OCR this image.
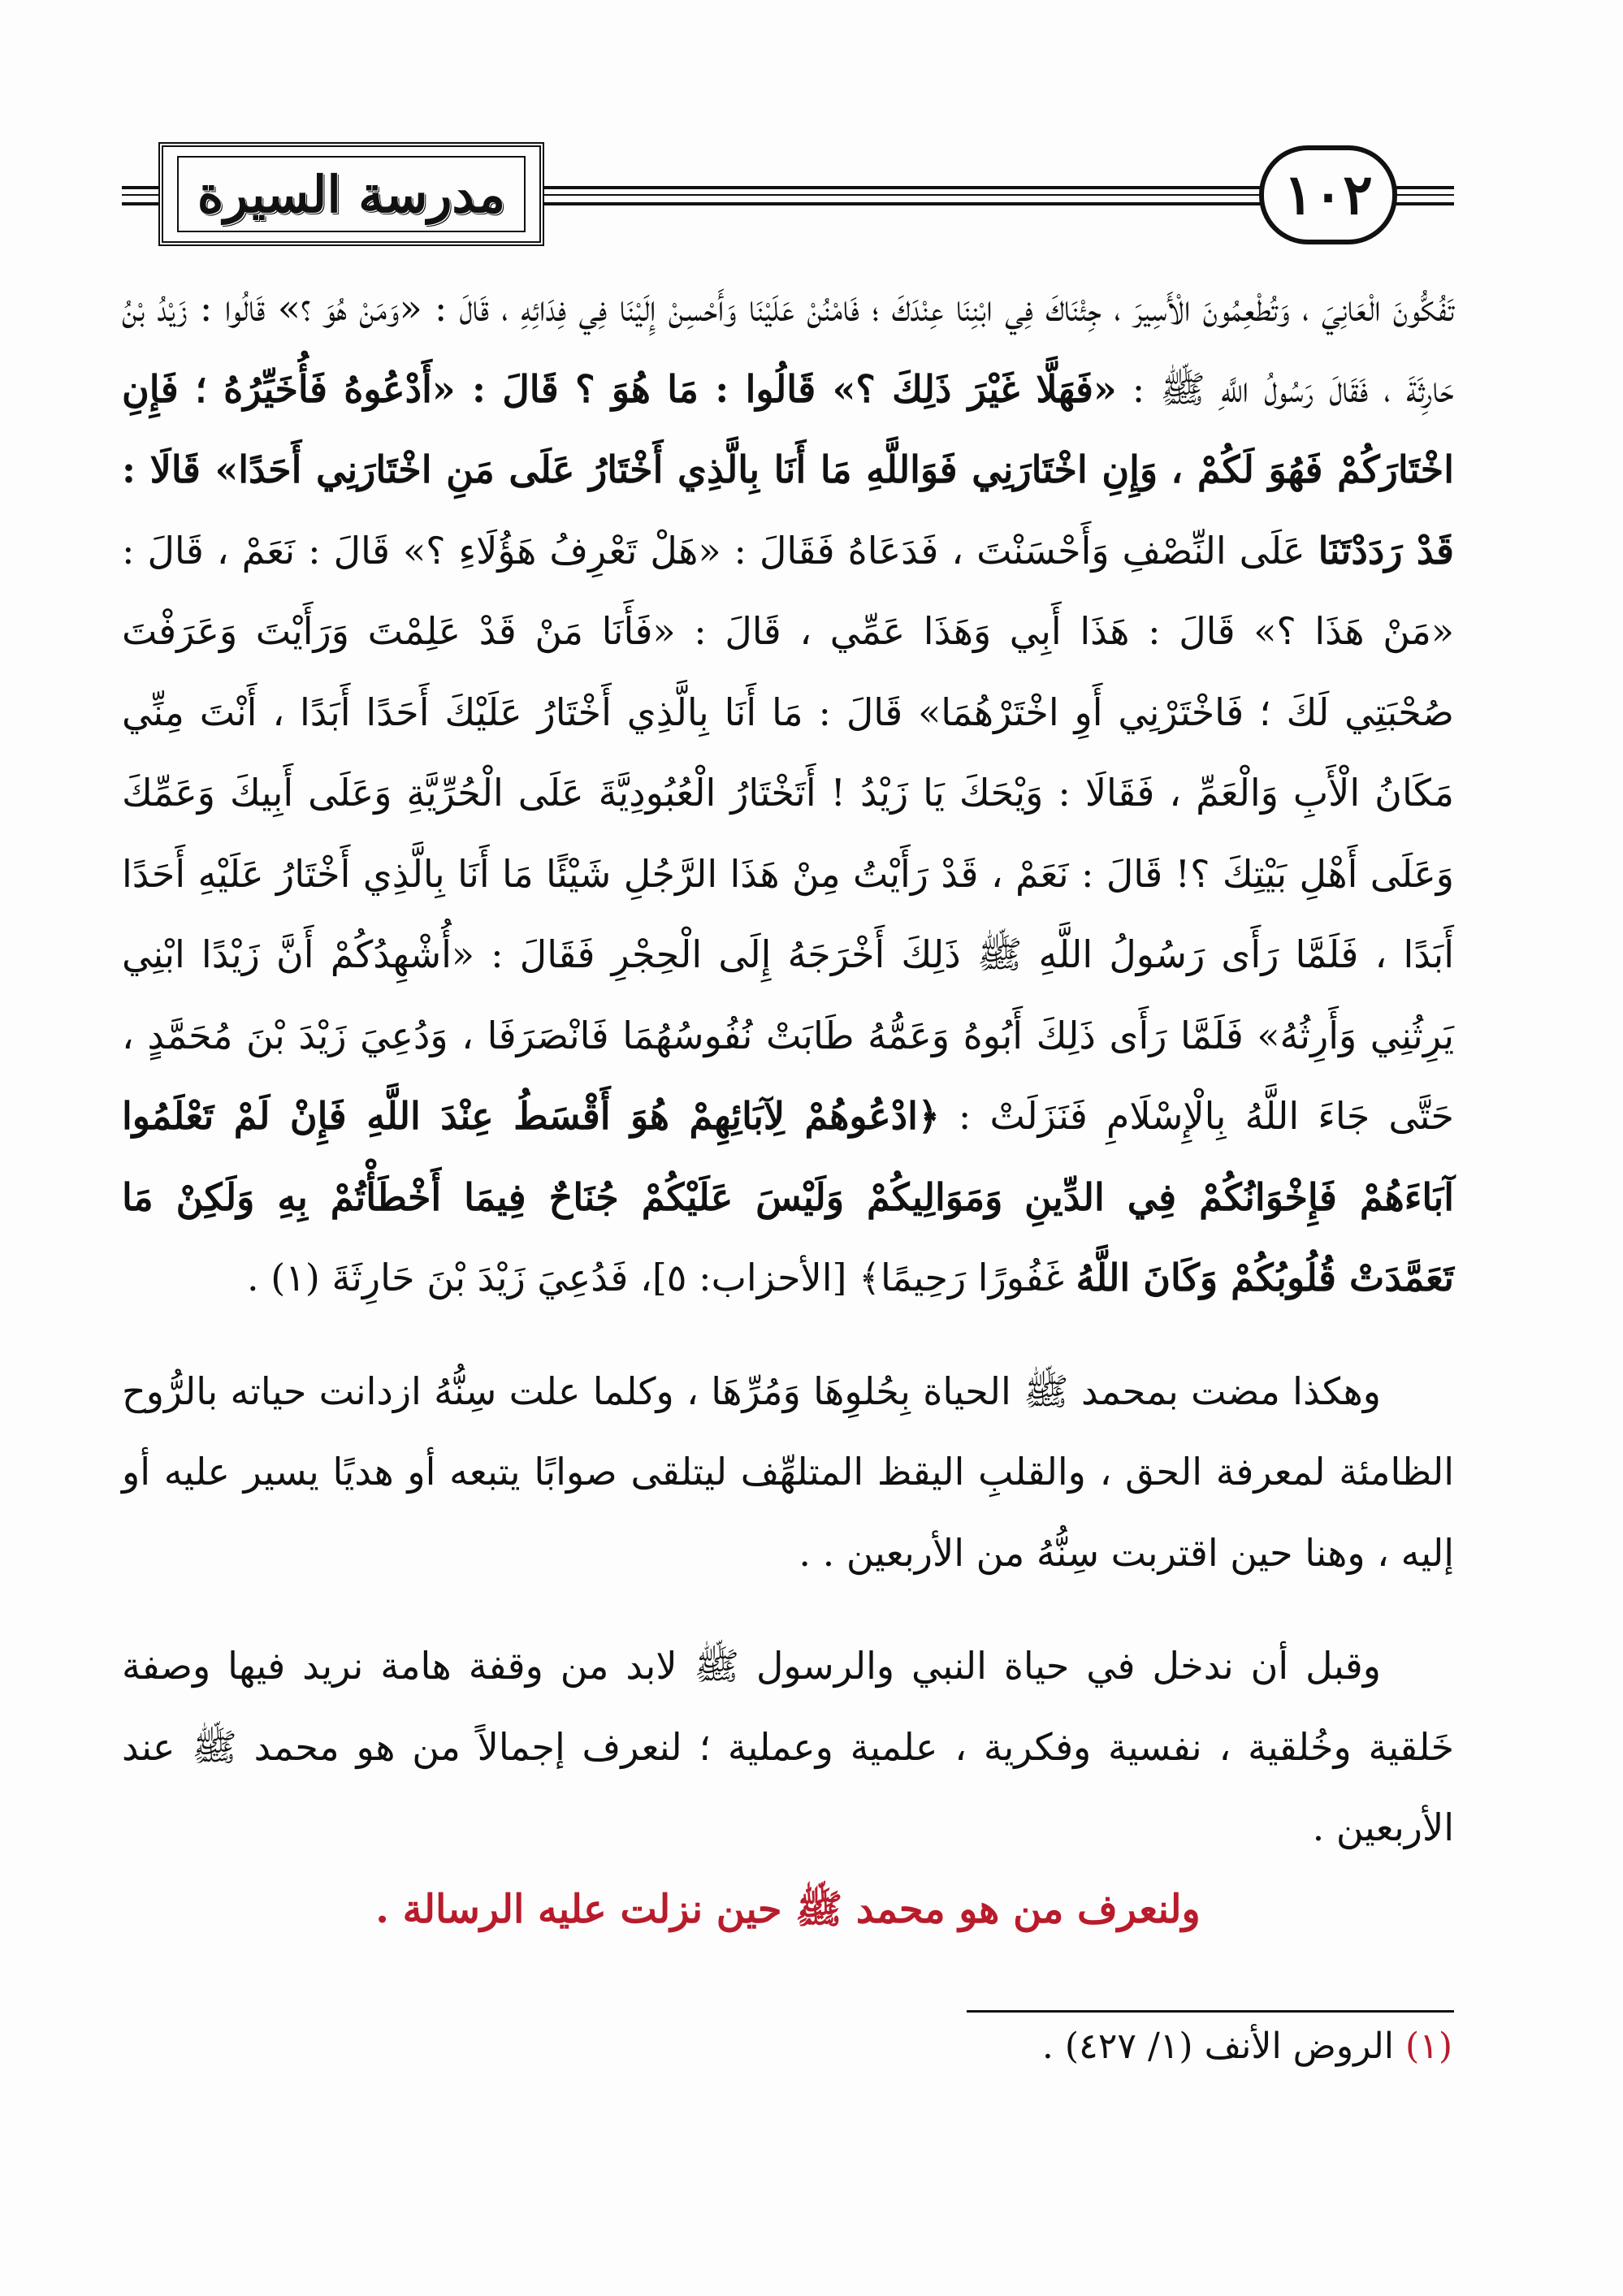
مدرسة السيرة	١٠٢

تَفُكُّونَ الْعَانِيَ ، وَتُطْعِمُونَ الْأَسِيرَ ، جِئْنَاكَ فِي ابْنِنَا عِنْدَكَ ؛ فَامْنُنْ عَلَيْنَا وَأَحْسِنْ إِلَيْنَا فِي فِدَائِهِ ، قَالَ : «وَمَنْ هُوَ ؟» قَالُوا : زَيْدُ بْنُ حَارِثَةَ ، فَقَالَ رَسُولُ اللَّهِ ﷺ : «فَهَلَّا غَيْرَ ذَلِكَ ؟» قَالُوا : مَا هُوَ ؟ قَالَ : «أَدْعُوهُ فَأُخَيِّرُهُ ؛ فَإِنِ اخْتَارَكُمْ فَهُوَ لَكُمْ ، وَإِنِ اخْتَارَنِي فَوَاللَّهِ مَا أَنَا بِالَّذِي أَخْتَارُ عَلَى مَنِ اخْتَارَنِي أَحَدًا» قَالَا : قَدْ رَدَدْتَنَا عَلَى النِّصْفِ وَأَحْسَنْتَ ، فَدَعَاهُ فَقَالَ : «هَلْ تَعْرِفُ هَؤُلَاءِ ؟» قَالَ : نَعَمْ ، قَالَ : «مَنْ هَذَا ؟» قَالَ : هَذَا أَبِي وَهَذَا عَمِّي ، قَالَ : «فَأَنَا مَنْ قَدْ عَلِمْتَ وَرَأَيْتَ وَعَرَفْتَ صُحْبَتِي لَكَ ؛ فَاخْتَرْنِي أَوِ اخْتَرْهُمَا» قَالَ : مَا أَنَا بِالَّذِي أَخْتَارُ عَلَيْكَ أَحَدًا أَبَدًا ، أَنْتَ مِنِّي مَكَانُ الْأَبِ وَالْعَمِّ ، فَقَالَا : وَيْحَكَ يَا زَيْدُ ! أَتَخْتَارُ الْعُبُودِيَّةَ عَلَى الْحُرِّيَّةِ وَعَلَى أَبِيكَ وَعَمِّكَ وَعَلَى أَهْلِ بَيْتِكَ ؟! قَالَ : نَعَمْ ، قَدْ رَأَيْتُ مِنْ هَذَا الرَّجُلِ شَيْئًا مَا أَنَا بِالَّذِي أَخْتَارُ عَلَيْهِ أَحَدًا أَبَدًا ، فَلَمَّا رَأَى رَسُولُ اللَّهِ ﷺ ذَلِكَ أَخْرَجَهُ إِلَى الْحِجْرِ فَقَالَ : «أُشْهِدُكُمْ أَنَّ زَيْدًا ابْنِي يَرِثُنِي وَأَرِثُهُ» فَلَمَّا رَأَى ذَلِكَ أَبُوهُ وَعَمُّهُ طَابَتْ نُفُوسُهُمَا فَانْصَرَفَا ، وَدُعِيَ زَيْدَ بْنَ مُحَمَّدٍ ، حَتَّى جَاءَ اللَّهُ بِالْإِسْلَامِ فَنَزَلَتْ : ﴿ادْعُوهُمْ لِآبَائِهِمْ هُوَ أَقْسَطُ عِنْدَ اللَّهِ فَإِنْ لَمْ تَعْلَمُوا آبَاءَهُمْ فَإِخْوَانُكُمْ فِي الدِّينِ وَمَوَالِيكُمْ وَلَيْسَ عَلَيْكُمْ جُنَاحٌ فِيمَا أَخْطَأْتُمْ بِهِ وَلَكِنْ مَا تَعَمَّدَتْ قُلُوبُكُمْ وَكَانَ اللَّهُ غَفُورًا رَحِيمًا﴾ [الأحزاب: ٥]، فَدُعِيَ زَيْدَ بْنَ حَارِثَةَ (١) .

وهكذا مضت بمحمد ﷺ الحياة بِحُلوِهَا وَمُرِّهَا ، وكلما علت سِنُّهُ ازدانت حياته بالرُّوح الظامئة لمعرفة الحق ، والقلبِ اليقظ المتلهِّف ليتلقى صوابًا يتبعه أو هديًا يسير عليه أو إليه ، وهنا حين اقتربت سِنُّهُ من الأربعين . .

وقبل أن ندخل في حياة النبي والرسول ﷺ لابد من وقفة هامة نريد فيها وصفة خَلقية وخُلقية ، نفسية وفكرية ، علمية وعملية ؛ لنعرف إجمالاً من هو محمد ﷺ عند الأربعين .

ولنعرف من هو محمد ﷺ حين نزلت عليه الرسالة .

(١) الروض الأنف (١/ ٤٢٧) .
